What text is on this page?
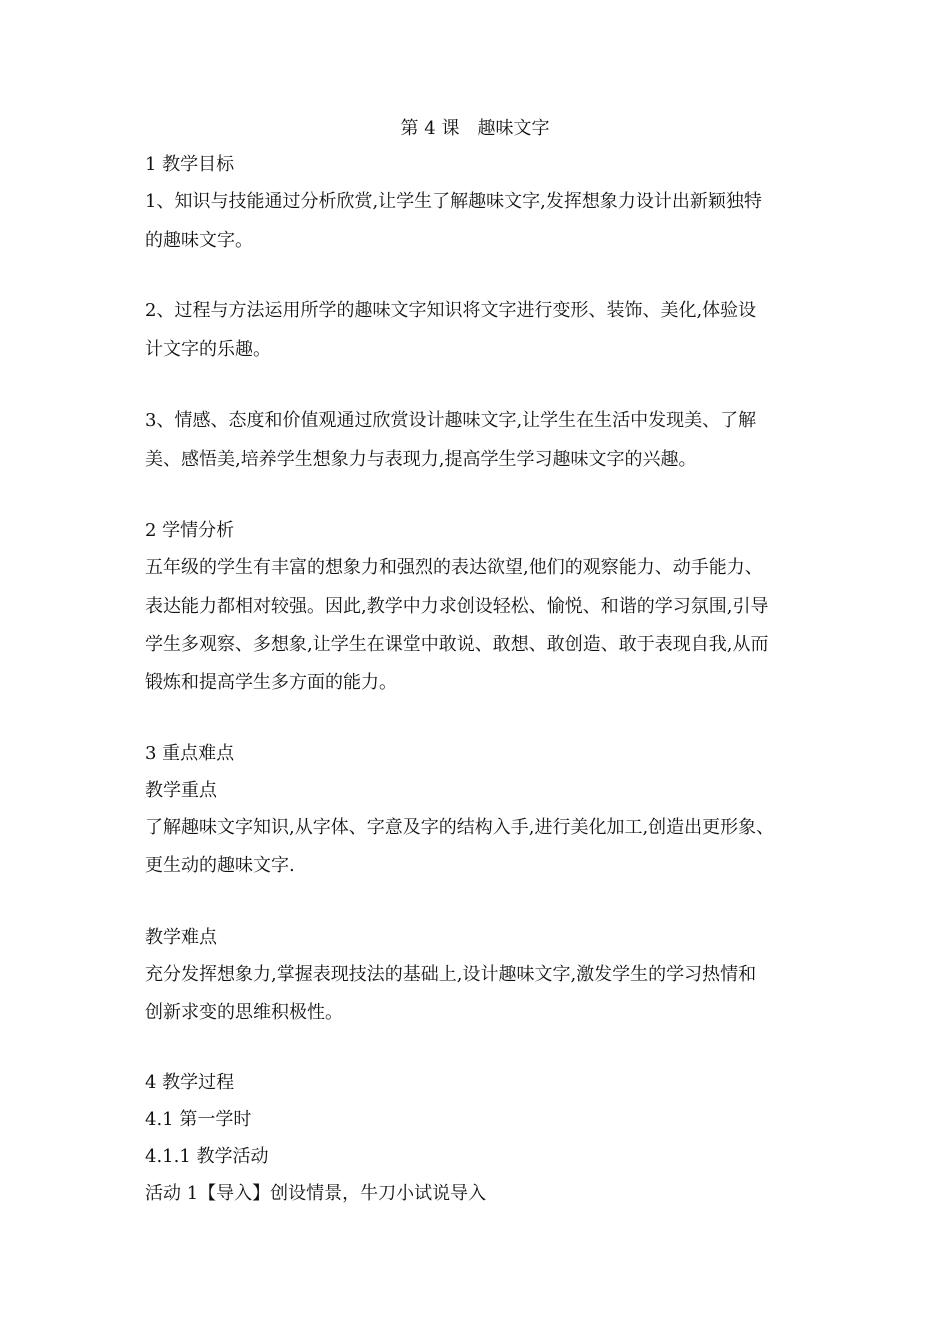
第 4 课　趣味文字
1 教学目标
1、知识与技能通过分析欣赏,让学生了解趣味文字,发挥想象力设计出新颖独特
的趣味文字。
2、过程与方法运用所学的趣味文字知识将文字进行变形、装饰、美化,体验设
计文字的乐趣。
3、情感、态度和价值观通过欣赏设计趣味文字,让学生在生活中发现美、了解
美、感悟美,培养学生想象力与表现力,提高学生学习趣味文字的兴趣。
2 学情分析
五年级的学生有丰富的想象力和强烈的表达欲望,他们的观察能力、动手能力、
表达能力都相对较强。因此,教学中力求创设轻松、愉悦、和谐的学习氛围,引导
学生多观察、多想象,让学生在课堂中敢说、敢想、敢创造、敢于表现自我,从而
锻炼和提高学生多方面的能力。
3 重点难点
教学重点
了解趣味文字知识,从字体、字意及字的结构入手,进行美化加工,创造出更形象、
更生动的趣味文字.
教学难点
充分发挥想象力,掌握表现技法的基础上,设计趣味文字,激发学生的学习热情和
创新求变的思维积极性。
4 教学过程
4.1 第一学时
4.1.1 教学活动
活动 1【导入】创设情景，牛刀小试说导入
